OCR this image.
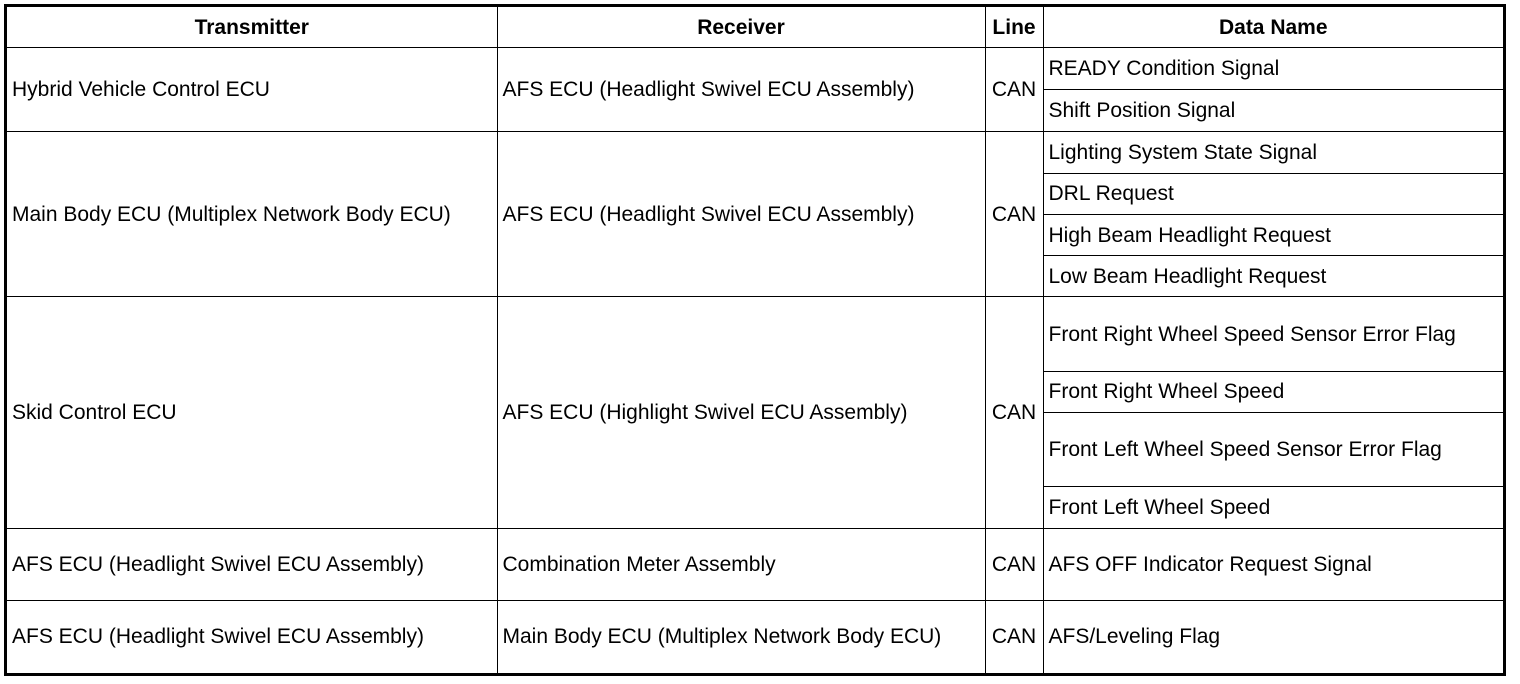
Transmitter	Receiver	Line	Data Name
Hybrid Vehicle Control ECU	AFS ECU (Headlight Swivel ECU Assembly)	CAN	READY Condition Signal
			Shift Position Signal
Main Body ECU (Multiplex Network Body ECU)	AFS ECU (Headlight Swivel ECU Assembly)	CAN	Lighting System State Signal
			DRL Request
			High Beam Headlight Request
			Low Beam Headlight Request
Skid Control ECU	AFS ECU (Highlight Swivel ECU Assembly)	CAN	Front Right Wheel Speed Sensor Error Flag
			Front Right Wheel Speed
			Front Left Wheel Speed Sensor Error Flag
			Front Left Wheel Speed
AFS ECU (Headlight Swivel ECU Assembly)	Combination Meter Assembly	CAN	AFS OFF Indicator Request Signal
AFS ECU (Headlight Swivel ECU Assembly)	Main Body ECU (Multiplex Network Body ECU)	CAN	AFS/Leveling Flag
